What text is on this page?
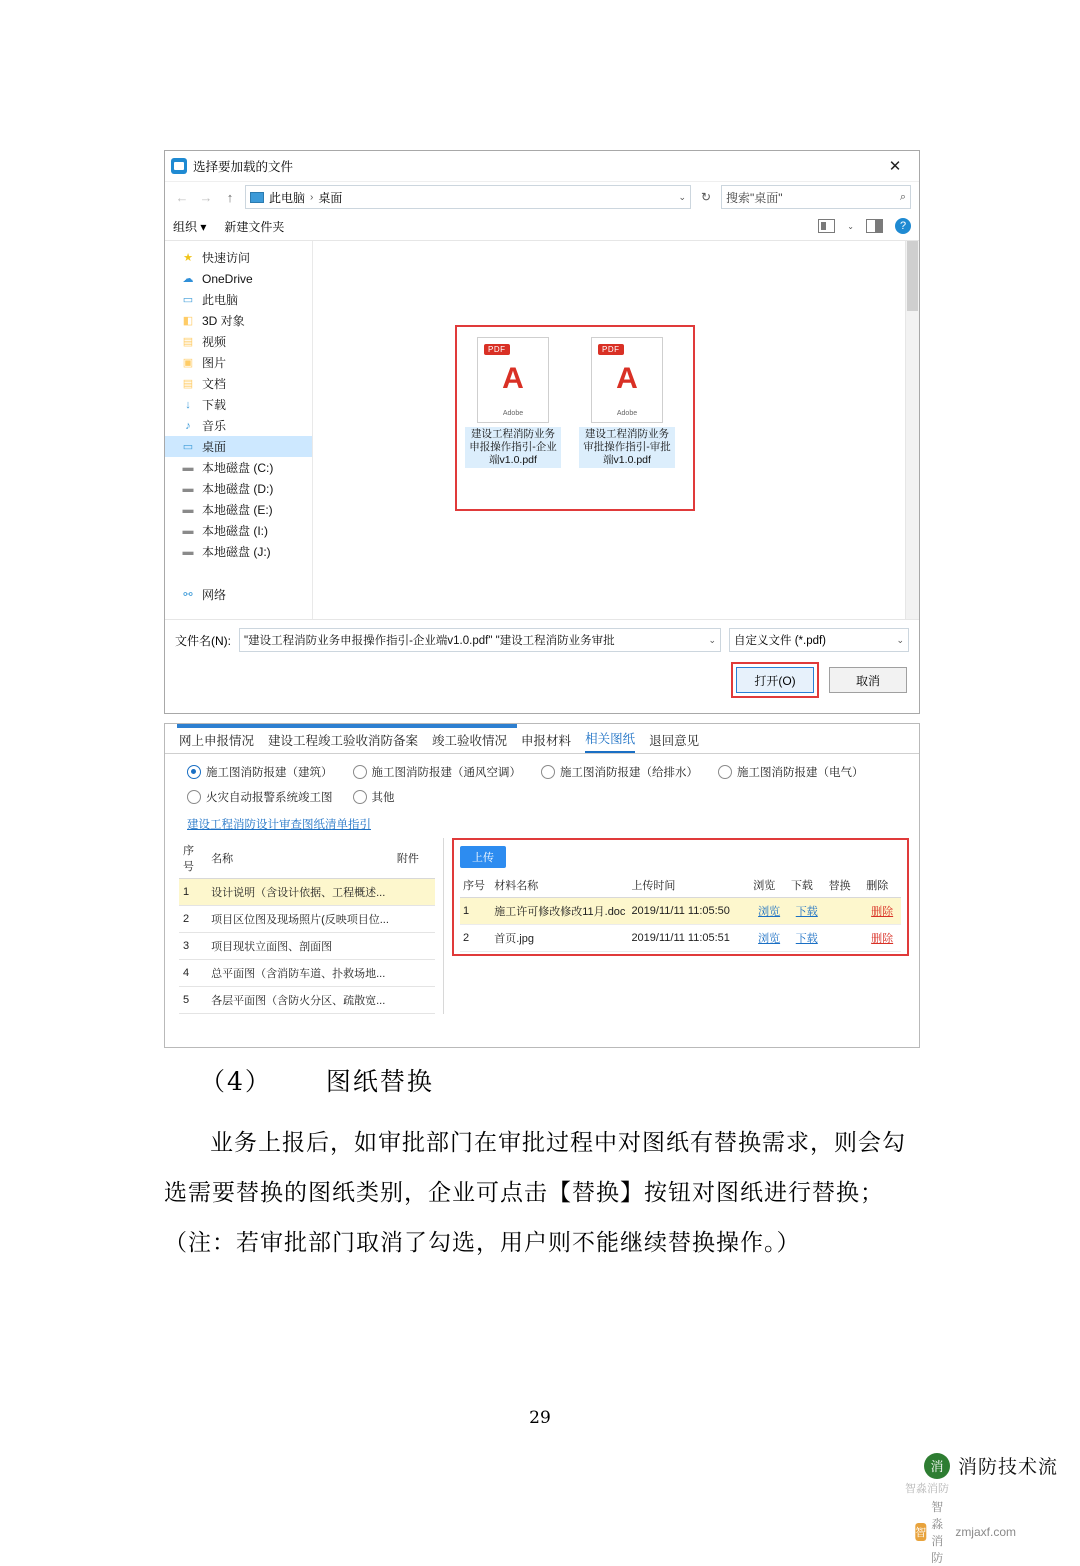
选择要加载的文件	✕
← →	↑	此电脑 › 桌面	⌄	↻	搜索"桌面"	⌕
组织 ▾ 新建文件夹	⌄	?
★ 快速访问
☁ OneDrive
▭ 此电脑
◧ 3D 对象
▤ 视频
▣ 图片
▤ 文档
↓ 下载
♪ 音乐
▭ 桌面
▬ 本地磁盘 (C:)
▬ 本地磁盘 (D:)
▬ 本地磁盘 (E:)
▬ 本地磁盘 (I:)
▬ 本地磁盘 (J:)
⚯ 网络
PDF
A
Adobe
建设工程消防业务申报操作指引-企业端v1.0.pdf
PDF
A
Adobe
建设工程消防业务审批操作指引-审批端v1.0.pdf
文件名(N): "建设工程消防业务申报操作指引-企业端v1.0.pdf" "建设工程消防业务审批	⌄ 自定义文件 (*.pdf)	⌄
打开(O)	取消
网上申报情况 建设工程竣工验收消防备案 竣工验收情况 申报材料 相关图纸 退回意见
施工图消防报建（建筑）	施工图消防报建（通风空调）	施工图消防报建（给排水）	施工图消防报建（电气）
火灾自动报警系统竣工图	其他
建设工程消防设计审查图纸清单指引
序号	名称	附件
1	设计说明（含设计依据、工程概述...	
2	项目区位图及现场照片(反映项目位...	
3	项目现状立面图、剖面图	
4	总平面图（含消防车道、扑救场地...	
5	各层平面图（含防火分区、疏散宽...	
上传
序号	材料名称	上传时间	浏览	下载	替换	删除
1	施工许可修改修改11月.doc	2019/11/11 11:05:50	浏览	下载		删除
2	首页.jpg	2019/11/11 11:05:51	浏览	下载		删除
（4） 图纸替换
业务上报后，如审批部门在审批过程中对图纸有替换需求，则会勾选需要替换的图纸类别，企业可点击【替换】按钮对图纸进行替换；（注：若审批部门取消了勾选，用户则不能继续替换操作。）
29
消 消防技术流
智
智淼消防
zmjaxf.com
智淼消防
